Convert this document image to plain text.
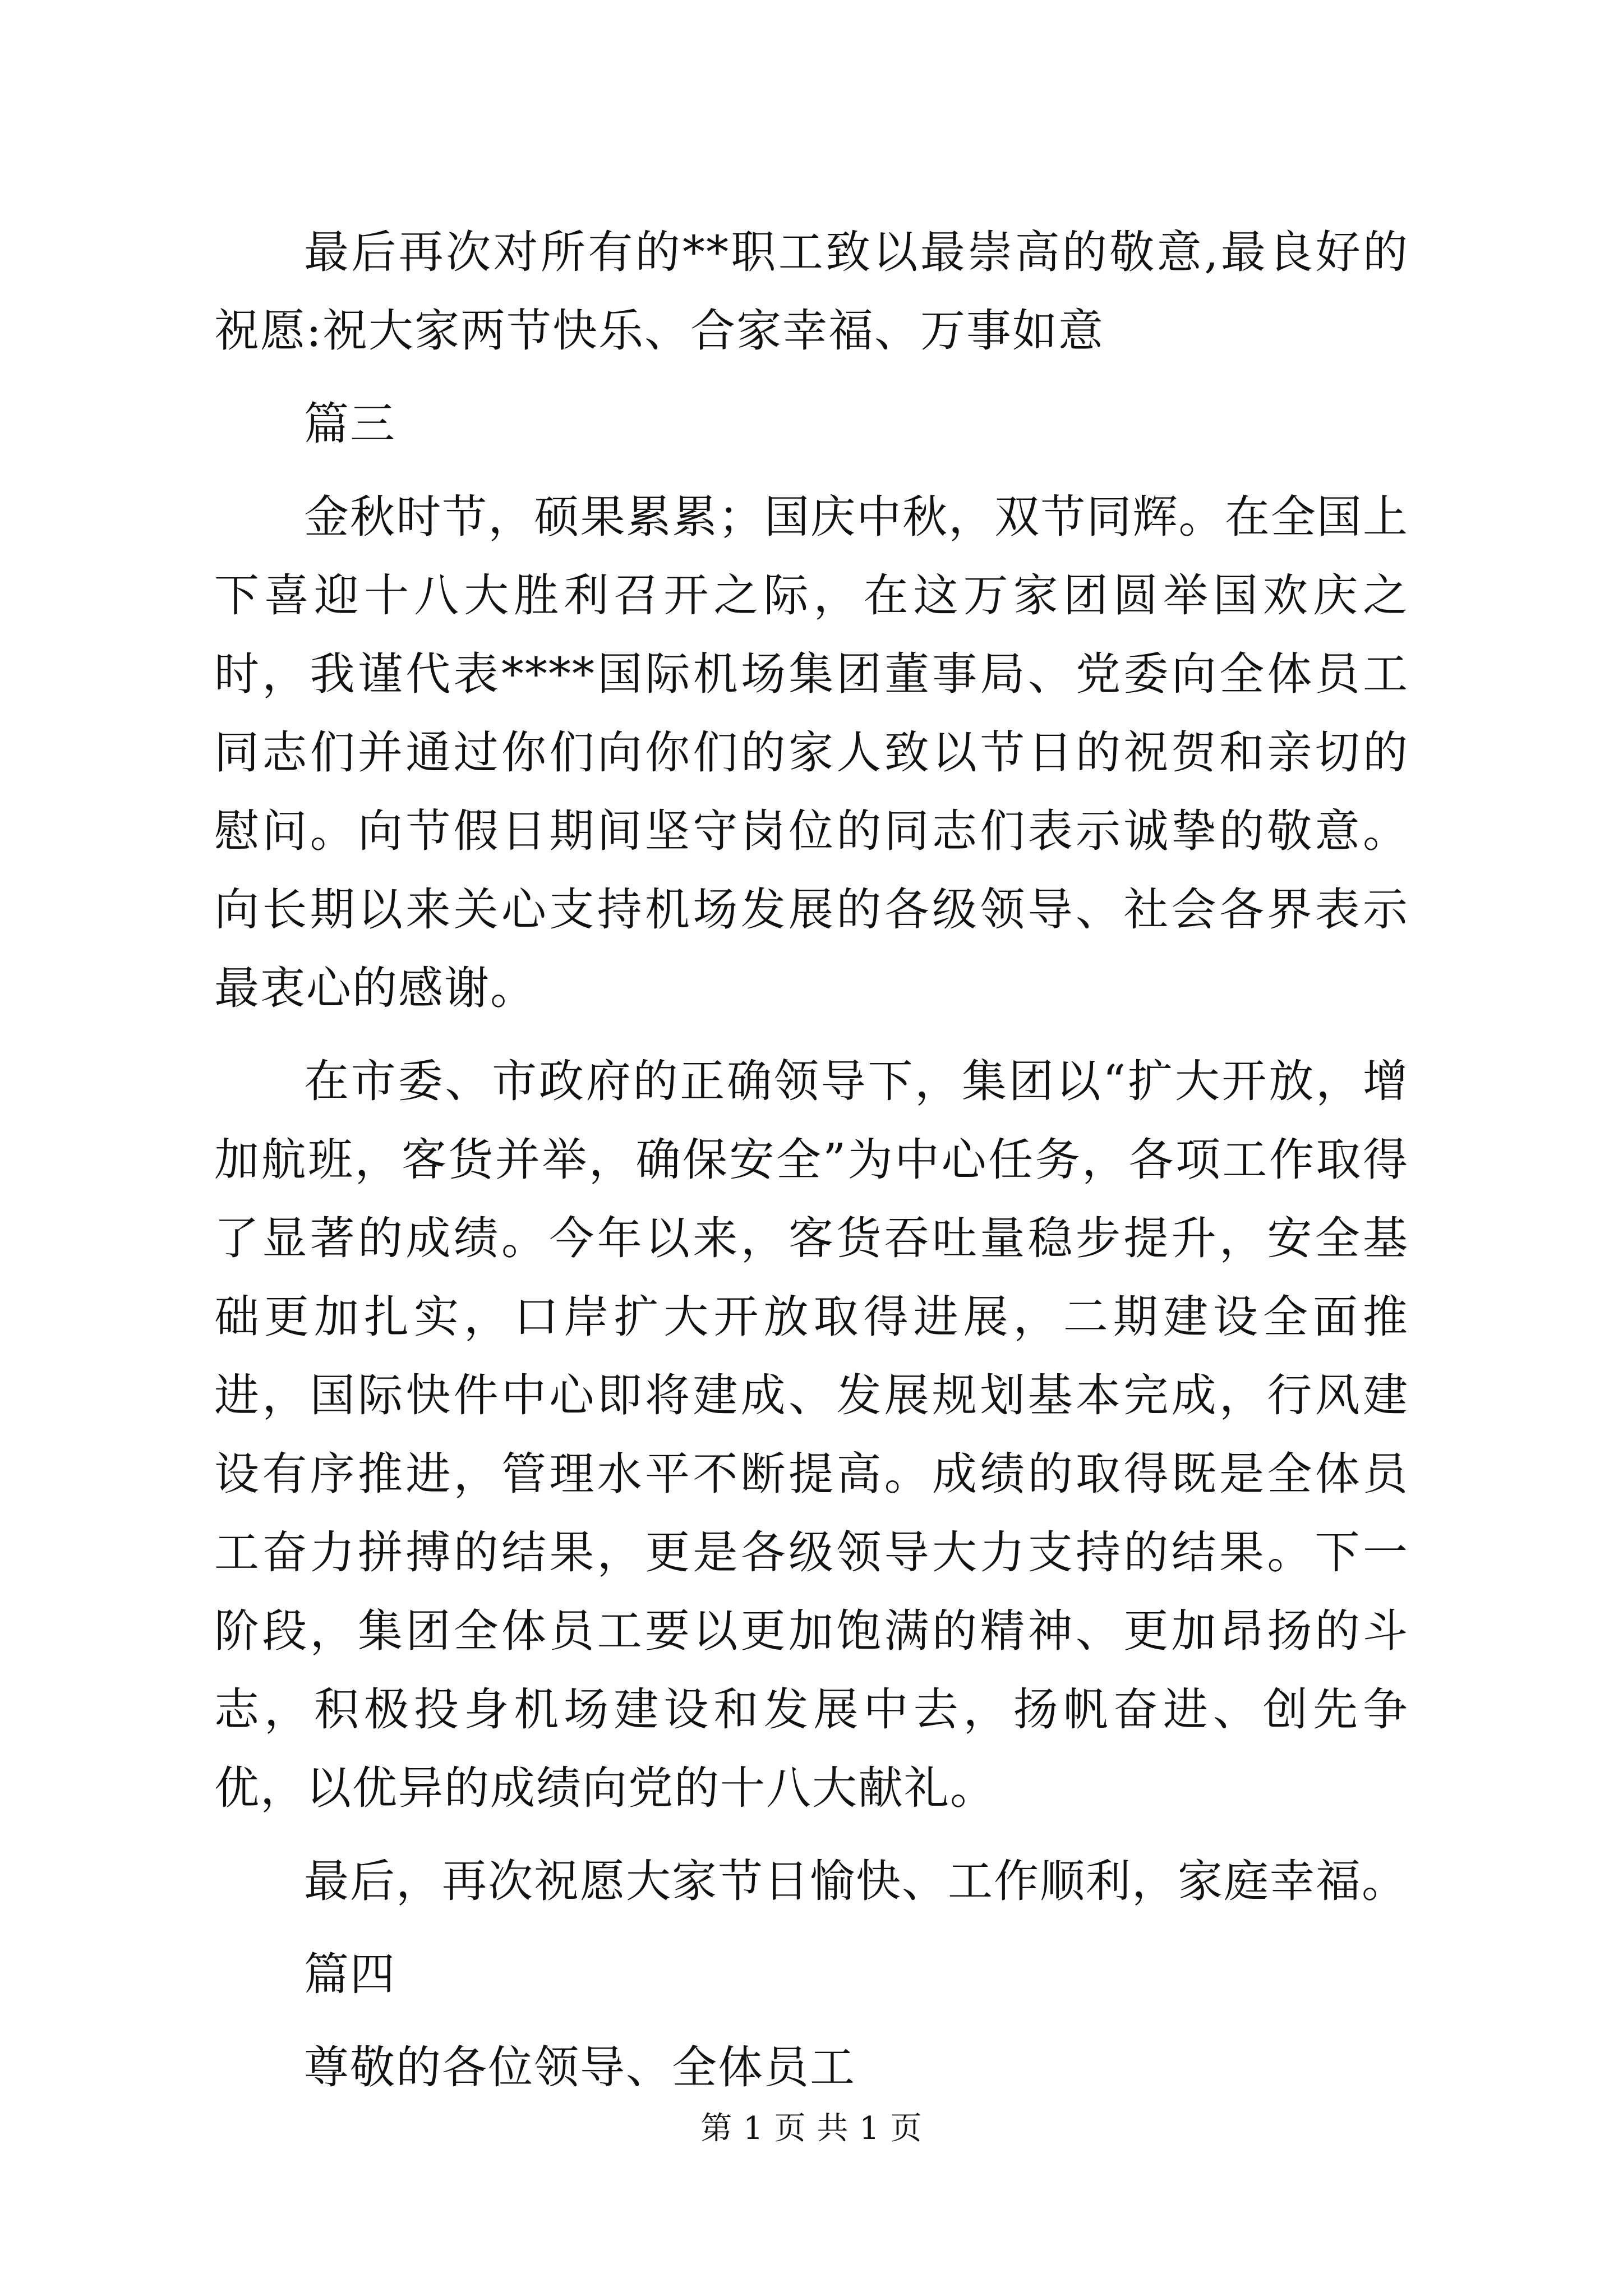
最后再次对所有的**职工致以最崇高的敬意,最良好的祝愿:祝大家两节快乐、合家幸福、万事如意

篇三

金秋时节，硕果累累；国庆中秋，双节同辉。在全国上下喜迎十八大胜利召开之际，在这万家团圆举国欢庆之时，我谨代表****国际机场集团董事局、党委向全体员工同志们并通过你们向你们的家人致以节日的祝贺和亲切的慰问。向节假日期间坚守岗位的同志们表示诚挚的敬意。向长期以来关心支持机场发展的各级领导、社会各界表示最衷心的感谢。

在市委、市政府的正确领导下，集团以“扩大开放，增加航班，客货并举，确保安全”为中心任务，各项工作取得了显著的成绩。今年以来，客货吞吐量稳步提升，安全基础更加扎实，口岸扩大开放取得进展，二期建设全面推进，国际快件中心即将建成、发展规划基本完成，行风建设有序推进，管理水平不断提高。成绩的取得既是全体员工奋力拼搏的结果，更是各级领导大力支持的结果。下一阶段，集团全体员工要以更加饱满的精神、更加昂扬的斗志，积极投身机场建设和发展中去，扬帆奋进、创先争优，以优异的成绩向党的十八大献礼。

最后，再次祝愿大家节日愉快、工作顺利，家庭幸福。

篇四

尊敬的各位领导、全体员工

第 1 页 共 1 页
